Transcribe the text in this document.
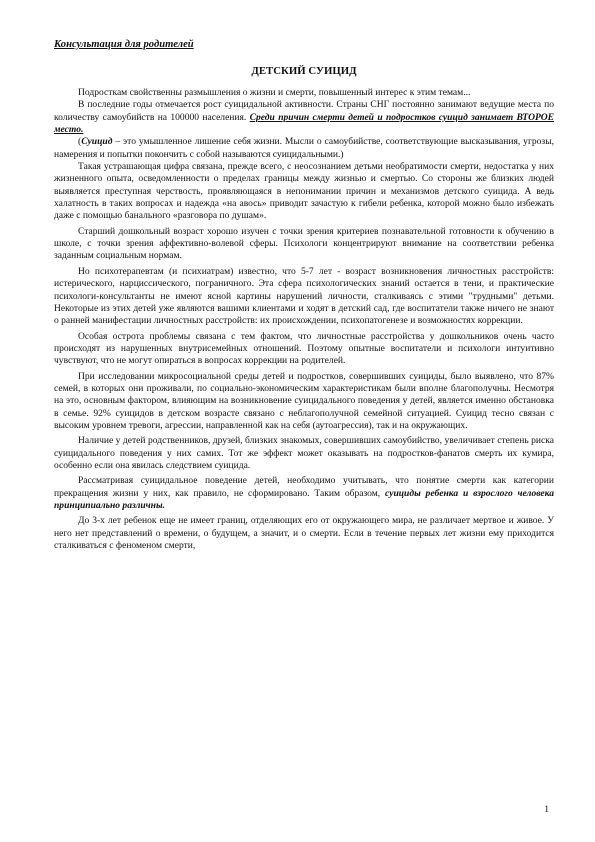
Консультация для родителей
ДЕТСКИЙ СУИЦИД

Подросткам свойственны размышления о жизни и смерти, повышенный интерес к этим темам...

В последние годы отмечается рост суицидальной активности. Страны СНГ постоянно занимают ведущие места по количеству самоубийств на 100000 населения. Среди причин смерти детей и подростков суицид занимает ВТОРОЕ место.

(Суицид – это умышленное лишение себя жизни. Мысли о самоубийстве, соответствующие высказывания, угрозы, намерения и попытки покончить с собой называются суицидальными.)

Такая устрашающая цифра связана, прежде всего, с неосознанием детьми необратимости смерти, недостатка у них жизненного опыта, осведомленности о пределах границы между жизнью и смертью. Со стороны же близких людей выявляется преступная черствость, проявляющаяся в непонимании причин и механизмов детского суицида. А ведь халатность в таких вопросах и надежда «на авось» приводит зачастую к гибели ребенка, которой можно было избежать даже с помощью банального «разговора по душам».

Старший дошкольный возраст хорошо изучен с точки зрения критериев познавательной готовности к обучению в школе, с точки зрения аффективно-волевой сферы. Психологи концентрируют внимание на соответствии ребенка заданным социальным нормам.

Но психотерапевтам (и психиатрам) известно, что 5-7 лет - возраст возникновения личностных расстройств: истерического, нарциссического, пограничного. Эта сфера психологических знаний остается в тени, и практические психологи-консультанты не имеют ясной картины нарушений личности, сталкиваясь с этими "трудными" детьми. Некоторые из этих детей уже являются вашими клиентами и ходят в детский сад, где воспитатели также ничего не знают о ранней манифестации личностных расстройств: их происхождении, психопатогенезе и возможностях коррекции.

Особая острота проблемы связана с тем фактом, что личностные расстройства у дошкольников очень часто происходят из нарушенных внутрисемейных отношений. Поэтому опытные воспитатели и психологи интуитивно чувствуют, что не могут опираться в вопросах коррекции на родителей.

При исследовании микросоциальной среды детей и подростков, совершивших суициды, было выявлено, что 87% семей, в которых они проживали, по социально-экономическим характеристикам были вполне благополучны. Несмотря на это, основным фактором, влияющим на возникновение суицидального поведения у детей, является именно обстановка в семье. 92% суицидов в детском возрасте связано с неблагополучной семейной ситуацией. Суицид тесно связан с высоким уровнем тревоги, агрессии, направленной как на себя (аутоагрессия), так и на окружающих.

Наличие у детей родственников, друзей, близких знакомых, совершивших самоубийство, увеличивает степень риска суицидального поведения у них самих. Тот же эффект может оказывать на подростков-фанатов смерть их кумира, особенно если она явилась следствием суицида.

Рассматривая суицидальное поведение детей, необходимо учитывать, что понятие смерти как категории прекращения жизни у них, как правило, не сформировано. Таким образом, суициды ребенка и взрослого человека принципиально различны.

До 3-х лет ребенок еще не имеет границ, отделяющих его от окружающего мира, не различает мертвое и живое. У него нет представлений о времени, о будущем, а значит, и о смерти. Если в течение первых лет жизни ему приходится сталкиваться с феноменом смерти,

1
